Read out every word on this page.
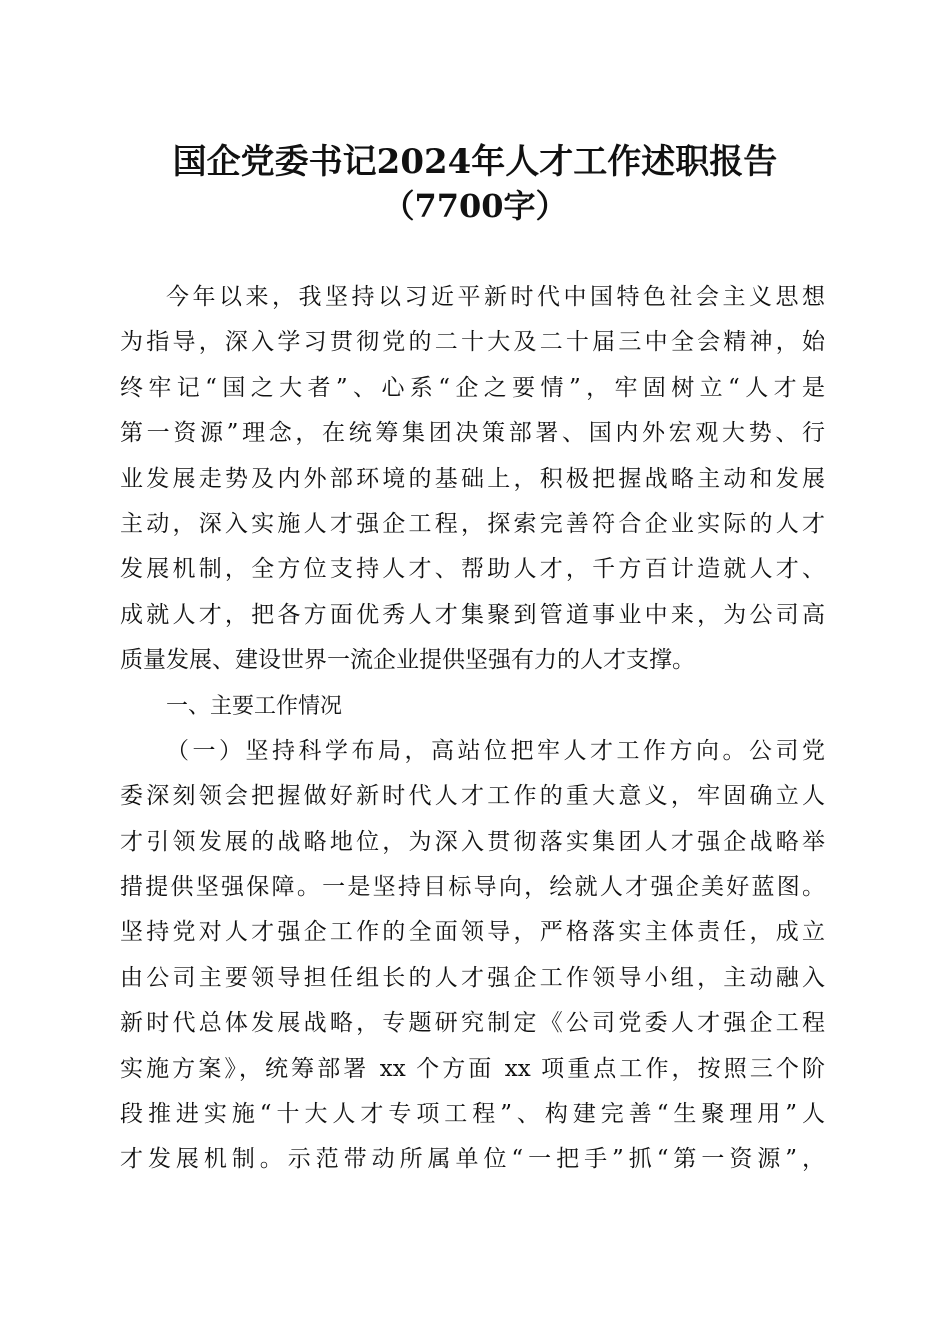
国企党委书记2024年人才工作述职报告
（7700字）
今年以来，我坚持以习近平新时代中国特色社会主义思想
为指导，深入学习贯彻党的二十大及二十届三中全会精神，始
终牢记“国之大者”、心系“企之要情”，牢固树立“人才是
第一资源”理念，在统筹集团决策部署、国内外宏观大势、行
业发展走势及内外部环境的基础上，积极把握战略主动和发展
主动，深入实施人才强企工程，探索完善符合企业实际的人才
发展机制，全方位支持人才、帮助人才，千方百计造就人才、
成就人才，把各方面优秀人才集聚到管道事业中来，为公司高
质量发展、建设世界一流企业提供坚强有力的人才支撑。
一、主要工作情况
（一）坚持科学布局，高站位把牢人才工作方向。公司党
委深刻领会把握做好新时代人才工作的重大意义，牢固确立人
才引领发展的战略地位，为深入贯彻落实集团人才强企战略举
措提供坚强保障。一是坚持目标导向，绘就人才强企美好蓝图。
坚持党对人才强企工作的全面领导，严格落实主体责任，成立
由公司主要领导担任组长的人才强企工作领导小组，主动融入
新时代总体发展战略，专题研究制定《公司党委人才强企工程
实施方案》，统筹部署 xx 个方面 xx 项重点工作，按照三个阶
段推进实施“十大人才专项工程”、构建完善“生聚理用”人
才发展机制。示范带动所属单位“一把手”抓“第一资源”，
